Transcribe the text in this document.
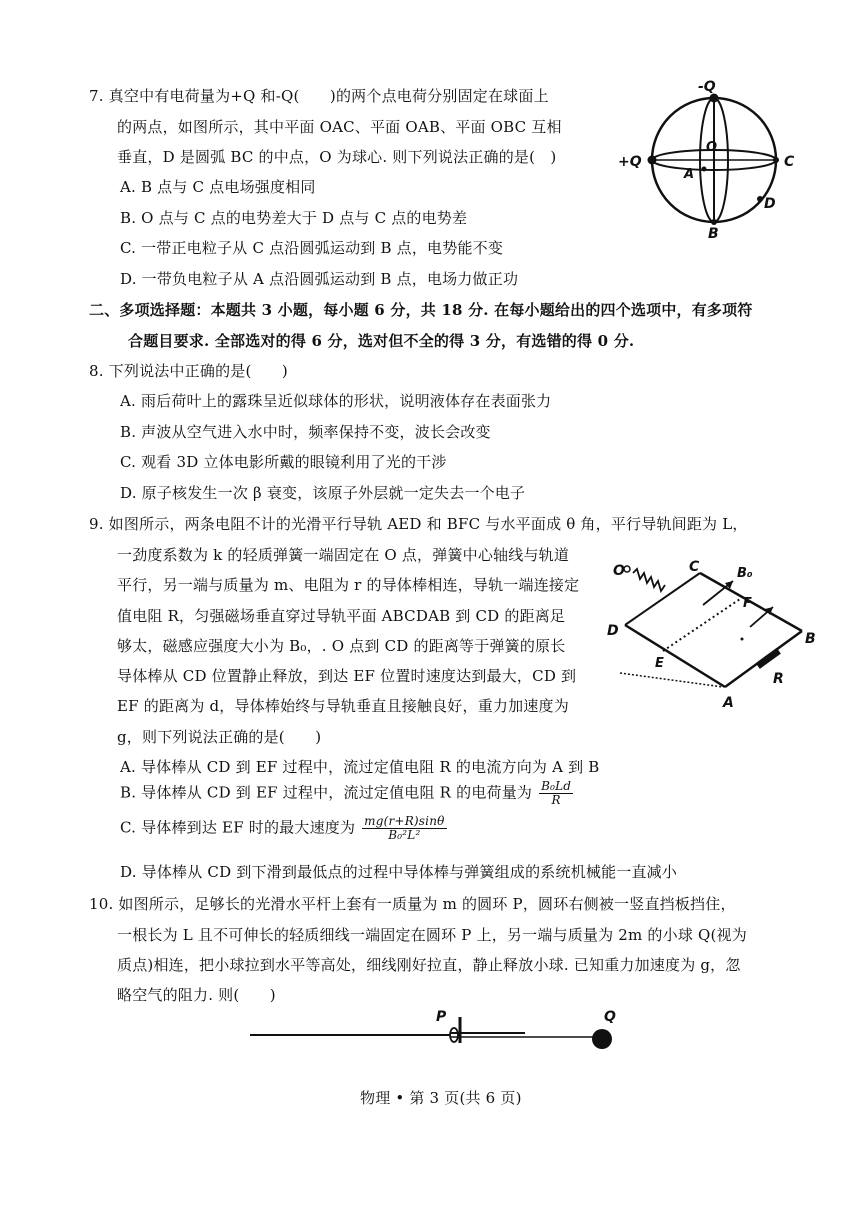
7. 真空中有电荷量为+Q 和-Q(　　)的两个点电荷分别固定在球面上
的两点，如图所示，其中平面 OAC、平面 OAB、平面 OBC 互相
垂直，D 是圆弧 BC 的中点，O 为球心. 则下列说法正确的是(　)
A. B 点与 C 点电场强度相同
B. O 点与 C 点的电势差大于 D 点与 C 点的电势差
C. 一带正电粒子从 C 点沿圆弧运动到 B 点，电势能不变
D. 一带负电粒子从 A 点沿圆弧运动到 B 点，电场力做正功
-Q
+Q
O
A
C
B
D
二、多项选择题：本题共 3 小题，每小题 6 分，共 18 分. 在每小题给出的四个选项中，有多项符
合题目要求. 全部选对的得 6 分，选对但不全的得 3 分，有选错的得 0 分.
8. 下列说法中正确的是(　　)
A. 雨后荷叶上的露珠呈近似球体的形状，说明液体存在表面张力
B. 声波从空气进入水中时，频率保持不变，波长会改变
C. 观看 3D 立体电影所戴的眼镜利用了光的干涉
D. 原子核发生一次 β 衰变，该原子外层就一定失去一个电子
9. 如图所示，两条电阻不计的光滑平行导轨 AED 和 BFC 与水平面成 θ 角，平行导轨间距为 L，
一劲度系数为 k 的轻质弹簧一端固定在 O 点，弹簧中心轴线与轨道
平行，另一端与质量为 m、电阻为 r 的导体棒相连，导轨一端连接定
值电阻 R，匀强磁场垂直穿过导轨平面 ABCDAB 到 CD 的距离足
够太，磁感应强度大小为 B₀，. O 点到 CD 的距离等于弹簧的原长
导体棒从 CD 位置静止释放，到达 EF 位置时速度达到最大，CD 到
EF 的距离为 d，导体棒始终与导轨垂直且接触良好，重力加速度为
g，则下列说法正确的是(　　)
A. 导体棒从 CD 到 EF 过程中，流过定值电阻 R 的电流方向为 A 到 B
B. 导体棒从 CD 到 EF 过程中，流过定值电阻 R 的电荷量为 $\frac{\text{B₀Ld}}{R}$
C. 导体棒到达 EF 时的最大速度为 $\frac{mg(r+R)\sin\theta}{\text{B₀²L²}}$
D. 导体棒从 CD 到下滑到最低点的过程中导体棒与弹簧组成的系统机械能一直减小
O	C	B₀
F
D	B
E
R
A
10. 如图所示，足够长的光滑水平杆上套有一质量为 m 的圆环 P，圆环右侧被一竖直挡板挡住，
一根长为 L 且不可伸长的轻质细线一端固定在圆环 P 上，另一端与质量为 2m 的小球 Q(视为
质点)相连，把小球拉到水平等高处，细线刚好拉直，静止释放小球. 已知重力加速度为 g，忽
略空气的阻力. 则(　　)
P	Q
物理 • 第 3 页(共 6 页)
